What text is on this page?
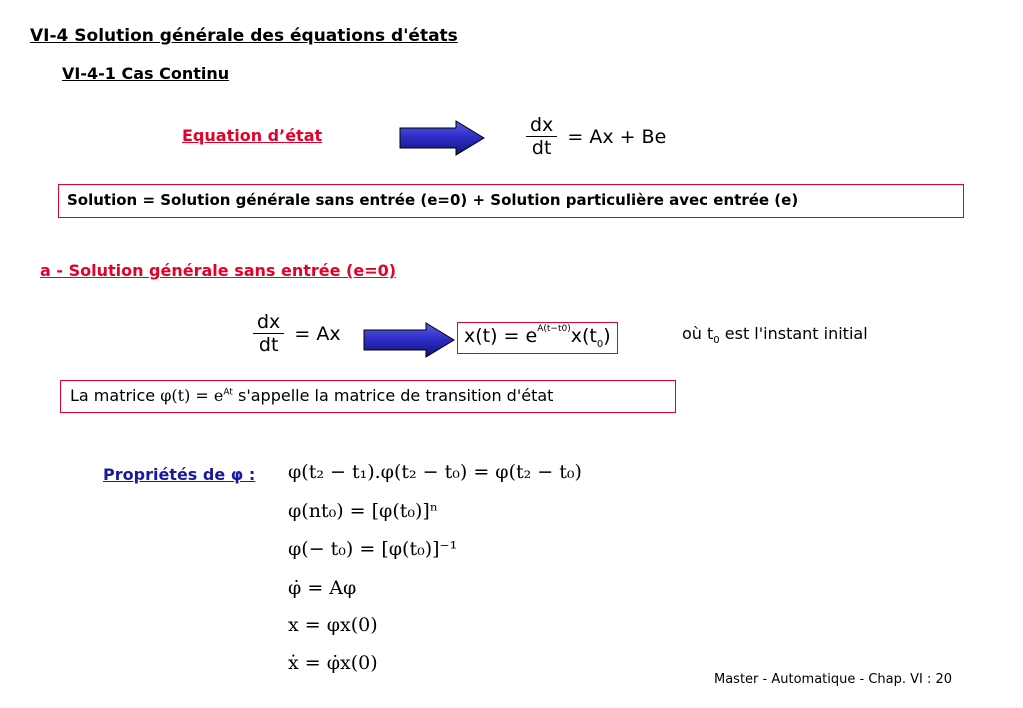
VI-4 Solution générale des équations d'états
VI-4-1 Cas Continu
Equation d’état	$\frac{dx}{dt} = Ax + Be$
Solution = Solution générale sans entrée (e=0) + Solution particulière avec entrée (e)
a - Solution générale sans entrée (e=0)
$\frac{dx}{dt} = Ax$	$x(t) = e^{A(t-t0)}x(t_0)$	où $t_0$ est l'instant initial
La matrice $\varphi(t) = e^{At}$ s'appelle la matrice de transition d'état
Propriétés de φ : φ(t₂ − t₁).φ(t₂ − t₀) = φ(t₂ − t₀)
φ(nt₀) = [φ(t₀)]ⁿ
φ(− t₀) = [φ(t₀)]⁻¹
φ̇ = Aφ
x = φx(0)
ẋ = φ̇x(0)
Master - Automatique - Chap. VI : 20
